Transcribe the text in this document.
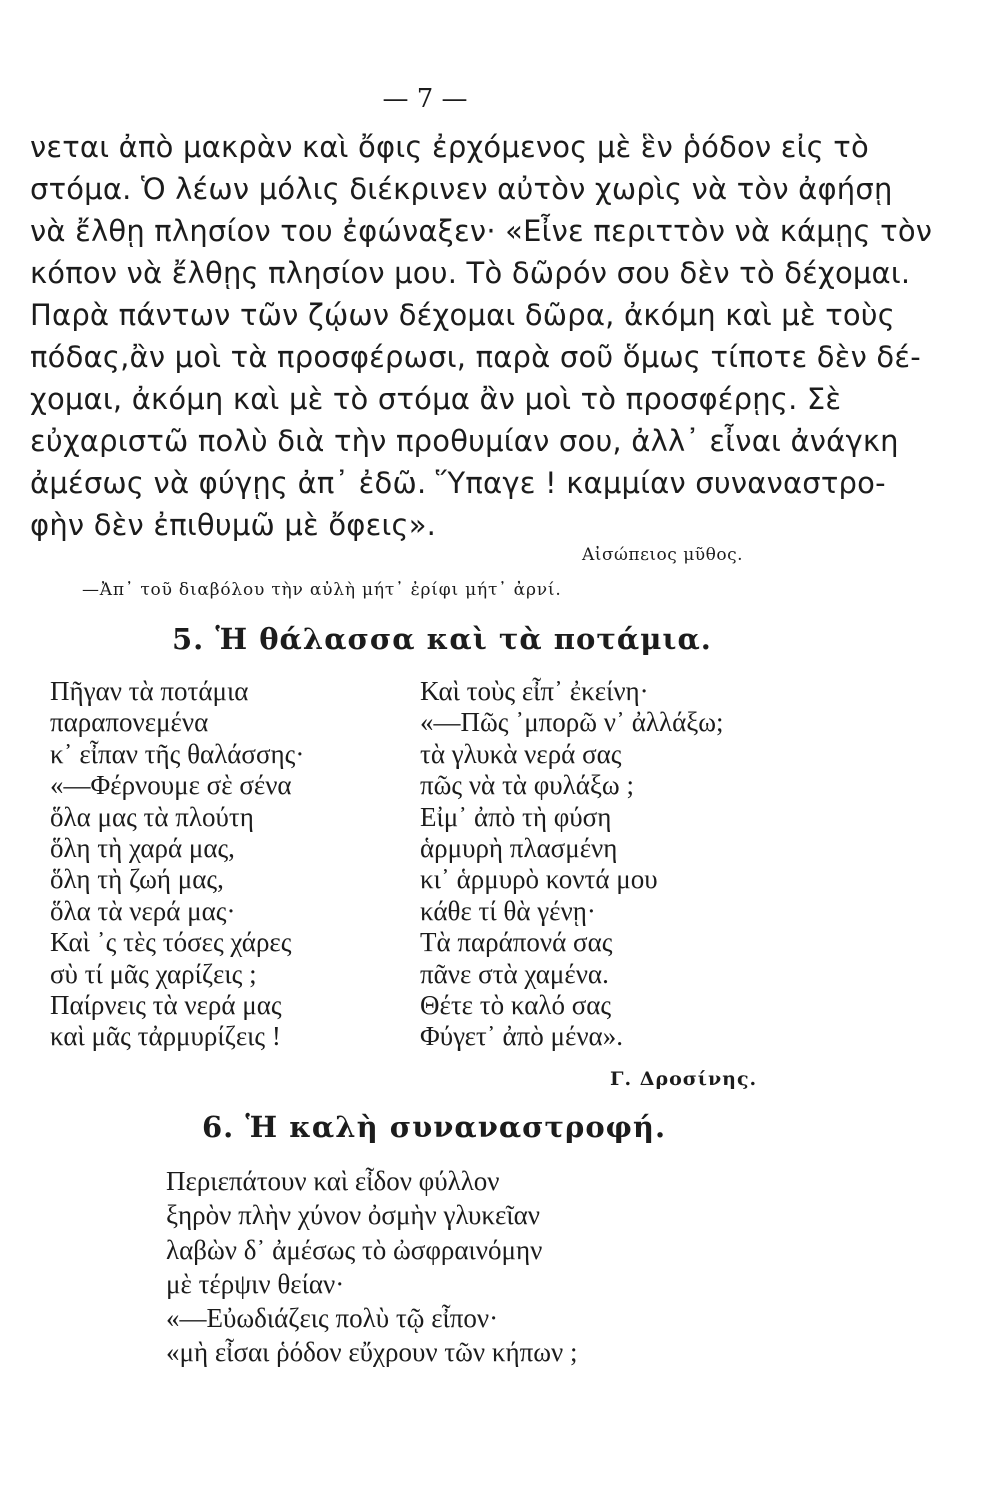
— 7 —
νεται ἀπὸ μακρὰν καὶ ὄφις ἐρχόμενος μὲ ἓν ῥόδον εἰς τὸ
στόμα. Ὁ λέων μόλις διέκρινεν αὐτὸν χωρὶς νὰ τὸν ἀφήσῃ
νὰ ἔλθῃ πλησίον του ἐφώναξεν· «Εἶνε περιττὸν νὰ κάμῃς τὸν
κόπον νὰ ἔλθῃς πλησίον μου. Τὸ δῶρόν σου δὲν τὸ δέχομαι.
Παρὰ πάντων τῶν ζῴων δέχομαι δῶρα, ἀκόμη καὶ μὲ τοὺς
πόδας,ἂν μοὶ τὰ προσφέρωσι, παρὰ σοῦ ὅμως τίποτε δὲν δέ-
χομαι, ἀκόμη καὶ μὲ τὸ στόμα ἂν μοὶ τὸ προσφέρῃς. Σὲ
εὐχαριστῶ πολὺ διὰ τὴν προθυμίαν σου, ἀλλ᾽ εἶναι ἀνάγκη
ἀμέσως νὰ φύγῃς ἀπ᾽ ἐδῶ. Ὕπαγε ! καμμίαν συναναστρο-
φὴν δὲν ἐπιθυμῶ μὲ ὄφεις».
Αἰσώπειος μῦθος.
—Ἀπ᾽ τοῦ διαβόλου τὴν αὐλὴ μήτ᾽ ἐρίφι μήτ᾽ ἀρνί.
5. Ἡ θάλασσα καὶ τὰ ποτάμια.
Πῆγαν τὰ ποτάμια
παραπονεμένα
κ᾽ εἶπαν τῆς θαλάσσης·
«—Φέρνουμε σὲ σένα
ὅλα μας τὰ πλούτη
ὅλη τὴ χαρά μας,
ὅλη τὴ ζωή μας,
ὅλα τὰ νερά μας·
Καὶ ᾽ς τὲς τόσες χάρες
σὺ τί μᾶς χαρίζεις ;
Παίρνεις τὰ νερά μας
καὶ μᾶς τἀρμυρίζεις !
Καὶ τοὺς εἶπ᾽ ἐκείνη·
«—Πῶς ᾽μπορῶ ν᾽ ἀλλάξω;
τὰ γλυκὰ νερά σας
πῶς νὰ τὰ φυλάξω ;
Εἰμ᾽ ἀπὸ τὴ φύση
ἁρμυρὴ πλασμένη
κι᾽ ἁρμυρὸ κοντά μου
κάθε τί θὰ γένῃ·
Τὰ παράπονά σας
πᾶνε στὰ χαμένα.
Θέτε τὸ καλό σας
Φύγετ᾽ ἀπὸ μένα».
Γ. Δροσίνης.
6. Ἡ καλὴ συναναστροφή.
Περιεπάτουν καὶ εἶδον φύλλον
ξηρὸν πλὴν χύνον ὀσμὴν γλυκεῖαν
λαβὼν δ᾽ ἀμέσως τὸ ὠσφραινόμην
μὲ τέρψιν θείαν·
«—Εὐωδιάζεις πολὺ τῷ εἶπον·
«μὴ εἶσαι ῥόδον εὔχρουν τῶν κήπων ;
